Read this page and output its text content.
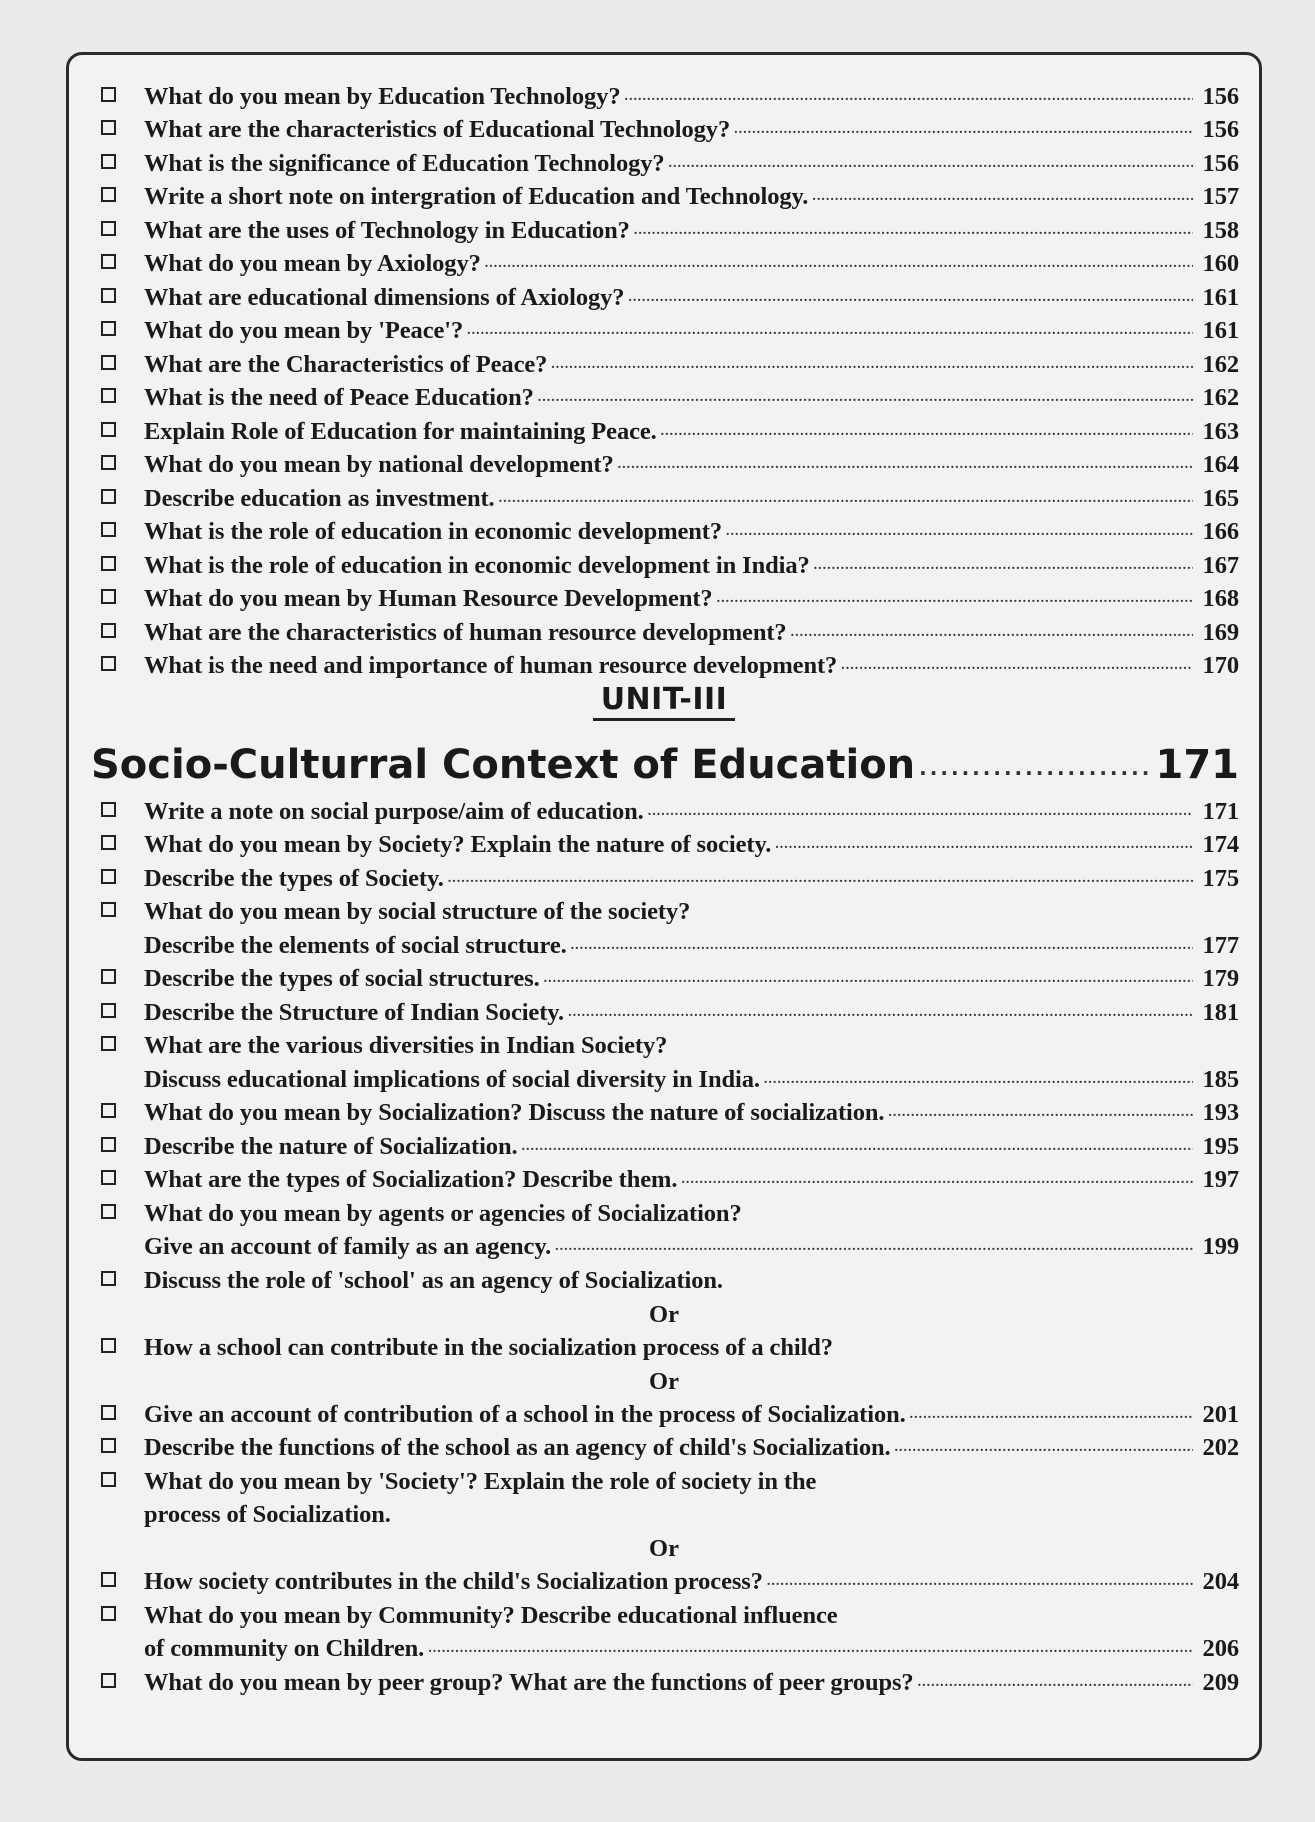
What do you mean by Education Technology? .....	156
What are the characteristics of Educational Technology? .....	156
What is the significance of Education Technology? .....	156
Write a short note on intergration of Education and Technology. .....	157
What are the uses of Technology in Education? .....	158
What do you mean by Axiology? .....	160
What are educational dimensions of Axiology? .....	161
What do you mean by 'Peace'? .....	161
What are the Characteristics of Peace? .....	162
What is the need of Peace Education? .....	162
Explain Role of Education for maintaining Peace. .....	163
What do you mean by national development? .....	164
Describe education as investment. .....	165
What is the role of education in economic development? .....	166
What is the role of education in economic development in India? .....	167
What do you mean by Human Resource Development? .....	168
What are the characteristics of human resource development? .....	169
What is the need and importance of human resource development? .....	170
UNIT-III
Socio-Culturral Context of Education .....	171
Write a note on social purpose/aim of education. .....	171
What do you mean by Society? Explain the nature of society. .....	174
Describe the types of Society. .....	175
What do you mean by social structure of the society?
Describe the elements of social structure. .....	177
Describe the types of social structures. .....	179
Describe the Structure of Indian Society. .....	181
What are the various diversities in Indian Society?
Discuss educational implications of social diversity in India. .....	185
What do you mean by Socialization? Discuss the nature of socialization. .....	193
Describe the nature of Socialization. .....	195
What are the types of Socialization? Describe them. .....	197
What do you mean by agents or agencies of Socialization?
Give an account of family as an agency. .....	199
Discuss the role of 'school' as an agency of Socialization.
Or
How a school can contribute in the socialization process of a child?
Or
Give an account of contribution of a school in the process of Socialization. .....	201
Describe the functions of the school as an agency of child's Socialization. .....	202
What do you mean by 'Society'? Explain the role of society in the
process of Socialization.
Or
How society contributes in the child's Socialization process? .....	204
What do you mean by Community? Describe educational influence
of community on Children. .....	206
What do you mean by peer group? What are the functions of peer groups? .....	209
